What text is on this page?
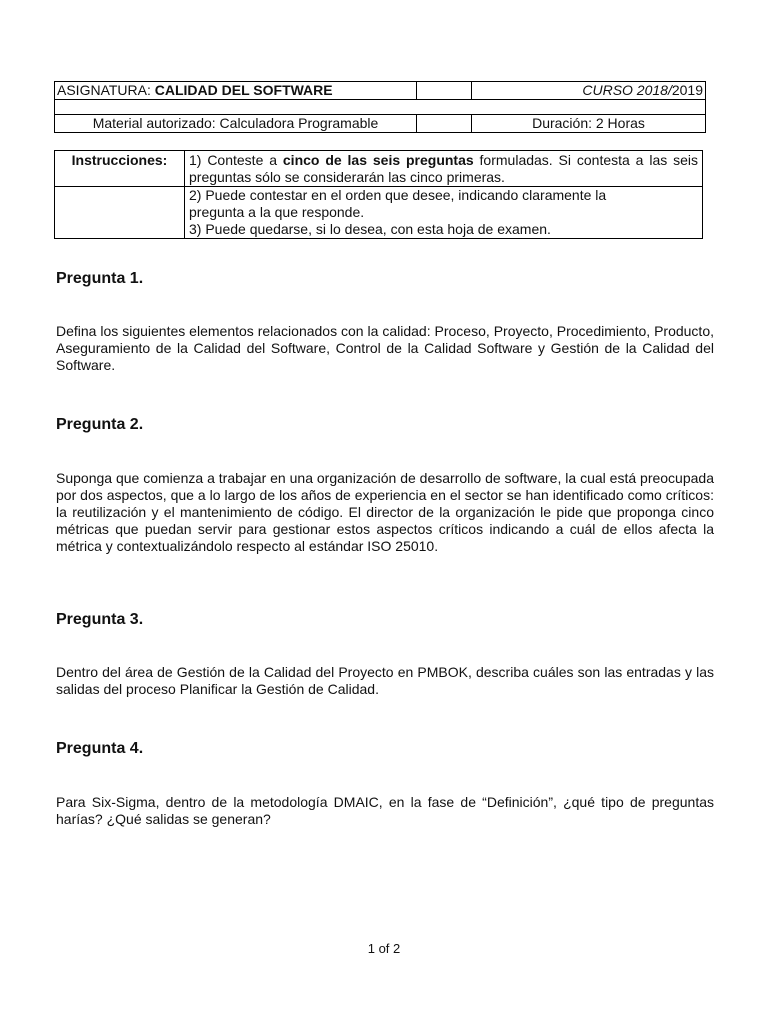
ASIGNATURA: CALIDAD DEL SOFTWARE		CURSO 2018/2019

Material autorizado: Calculadora Programable		Duración: 2 Horas
Instrucciones:	1) Conteste a cinco de las seis preguntas formuladas. Si contesta a las seis preguntas sólo se considerarán las cinco primeras.

	2) Puede contestar en el orden que desee, indicando claramente la
pregunta a la que responde.
3) Puede quedarse, si lo desea, con esta hoja de examen.
Pregunta 1.

Defina los siguientes elementos relacionados con la calidad: Proceso, Proyecto, Procedimiento, Producto, Aseguramiento de la Calidad del Software, Control de la Calidad Software y Gestión de la Calidad del Software.

Pregunta 2.

Suponga que comienza a trabajar en una organización de desarrollo de software, la cual está preocupada por dos aspectos, que a lo largo de los años de experiencia en el sector se han identificado como críticos: la reutilización y el mantenimiento de código. El director de la organización le pide que proponga cinco métricas que puedan servir para gestionar estos aspectos críticos indicando a cuál de ellos afecta la métrica y contextualizándolo respecto al estándar ISO 25010.

Pregunta 3.

Dentro del área de Gestión de la Calidad del Proyecto en PMBOK, describa cuáles son las entradas y las salidas del proceso Planificar la Gestión de Calidad.

Pregunta 4.

Para Six-Sigma, dentro de la metodología DMAIC, en la fase de “Definición”, ¿qué tipo de preguntas harías? ¿Qué salidas se generan?

1 of 2
